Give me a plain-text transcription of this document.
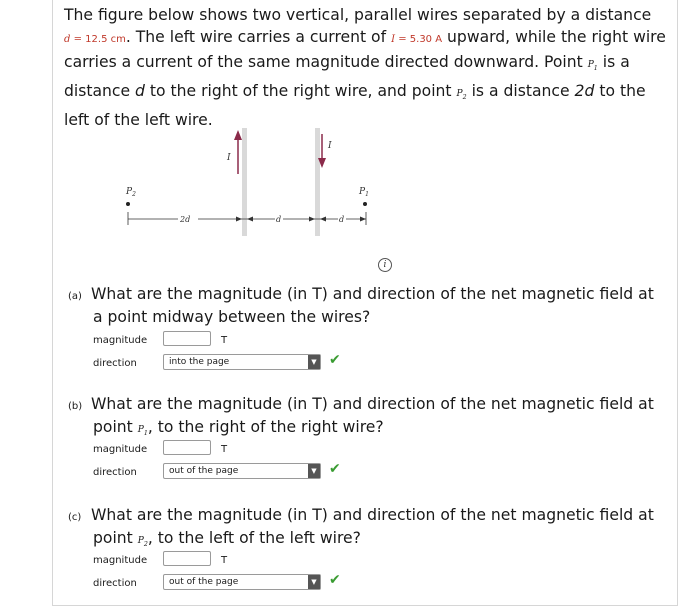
The figure below shows two vertical, parallel wires separated by a distance
d = 12.5 cm. The left wire carries a current of I = 5.30 A upward, while the right wire carries a current of the same magnitude directed downward. Point $P_1$ is a distance d to the right of the right wire, and point $P_2$ is a distance 2d to the left of the left wire.
I
I
$P_2$	$P_1$
2d	d	d
i
(a) What are the magnitude (in T) and direction of the net magnetic field at
a point midway between the wires?
magnitude	T
direction	into the page	▼ ✔
(b) What are the magnitude (in T) and direction of the net magnetic field at
point $P_1$, to the right of the right wire?
magnitude	T
direction	out of the page	▼ ✔
(c) What are the magnitude (in T) and direction of the net magnetic field at
point $P_2$, to the left of the left wire?
magnitude	T
direction	out of the page	▼ ✔
